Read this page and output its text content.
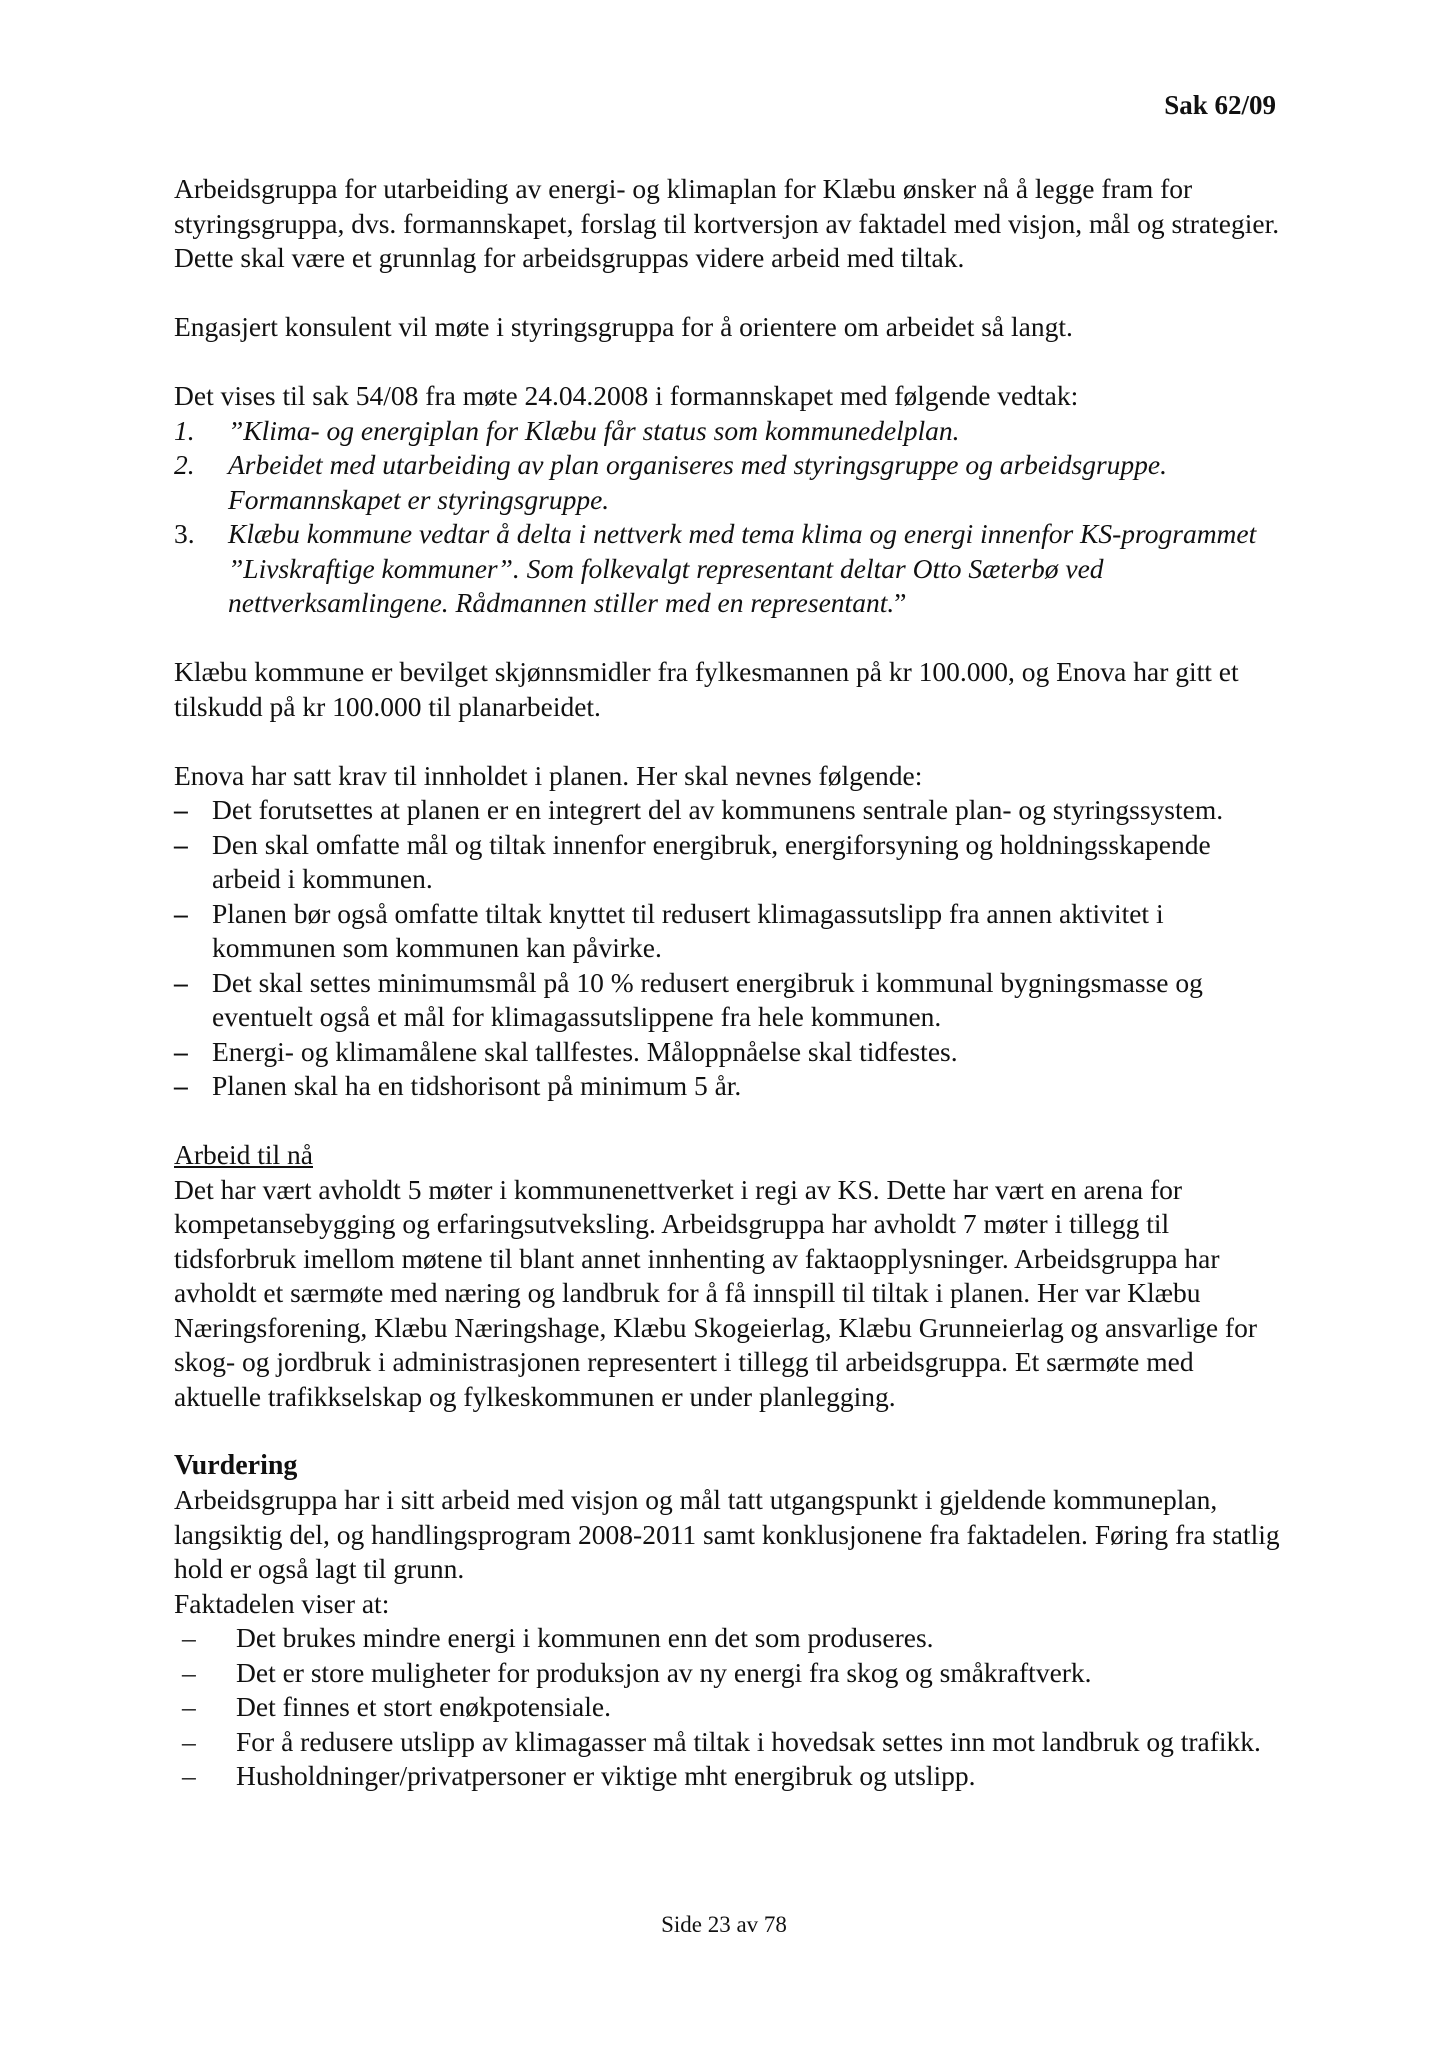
Sak 62/09

Arbeidsgruppa for utarbeiding av energi- og klimaplan for Klæbu ønsker nå å legge fram for styringsgruppa, dvs. formannskapet, forslag til kortversjon av faktadel med visjon, mål og strategier. Dette skal være et grunnlag for arbeidsgruppas videre arbeid med tiltak.

Engasjert konsulent vil møte i styringsgruppa for å orientere om arbeidet så langt.

Det vises til sak 54/08 fra møte 24.04.2008 i formannskapet med følgende vedtak:

1.	”Klima- og energiplan for Klæbu får status som kommunedelplan.
2.	Arbeidet med utarbeiding av plan organiseres med styringsgruppe og arbeidsgruppe. Formannskapet er styringsgruppe.
3.	Klæbu kommune vedtar å delta i nettverk med tema klima og energi innenfor KS-programmet ”Livskraftige kommuner”. Som folkevalgt representant deltar Otto Sæterbø ved nettverksamlingene. Rådmannen stiller med en representant.”

Klæbu kommune er bevilget skjønnsmidler fra fylkesmannen på kr 100.000, og Enova har gitt et tilskudd på kr 100.000 til planarbeidet.

Enova har satt krav til innholdet i planen. Her skal nevnes følgende:

– Det forutsettes at planen er en integrert del av kommunens sentrale plan- og styringssystem.
– Den skal omfatte mål og tiltak innenfor energibruk, energiforsyning og holdningsskapende arbeid i kommunen.
– Planen bør også omfatte tiltak knyttet til redusert klimagassutslipp fra annen aktivitet i kommunen som kommunen kan påvirke.
– Det skal settes minimumsmål på 10 % redusert energibruk i kommunal bygningsmasse og eventuelt også et mål for klimagassutslippene fra hele kommunen.
– Energi- og klimamålene skal tallfestes. Måloppnåelse skal tidfestes.
– Planen skal ha en tidshorisont på minimum 5 år.

Arbeid til nå

Det har vært avholdt 5 møter i kommunenettverket i regi av KS. Dette har vært en arena for kompetansebygging og erfaringsutveksling. Arbeidsgruppa har avholdt 7 møter i tillegg til tidsforbruk imellom møtene til blant annet innhenting av faktaopplysninger. Arbeidsgruppa har avholdt et særmøte med næring og landbruk for å få innspill til tiltak i planen. Her var Klæbu Næringsforening, Klæbu Næringshage, Klæbu Skogeierlag, Klæbu Grunneierlag og ansvarlige for skog- og jordbruk i administrasjonen representert i tillegg til arbeidsgruppa. Et særmøte med aktuelle trafikkselskap og fylkeskommunen er under planlegging.

Vurdering

Arbeidsgruppa har i sitt arbeid med visjon og mål tatt utgangspunkt i gjeldende kommuneplan, langsiktig del, og handlingsprogram 2008-2011 samt konklusjonene fra faktadelen. Føring fra statlig hold er også lagt til grunn.

Faktadelen viser at:

–	Det brukes mindre energi i kommunen enn det som produseres.
–	Det er store muligheter for produksjon av ny energi fra skog og småkraftverk.
–	Det finnes et stort enøkpotensiale.
–	For å redusere utslipp av klimagasser må tiltak i hovedsak settes inn mot landbruk og trafikk.
–	Husholdninger/privatpersoner er viktige mht energibruk og utslipp.
Side 23 av 78
